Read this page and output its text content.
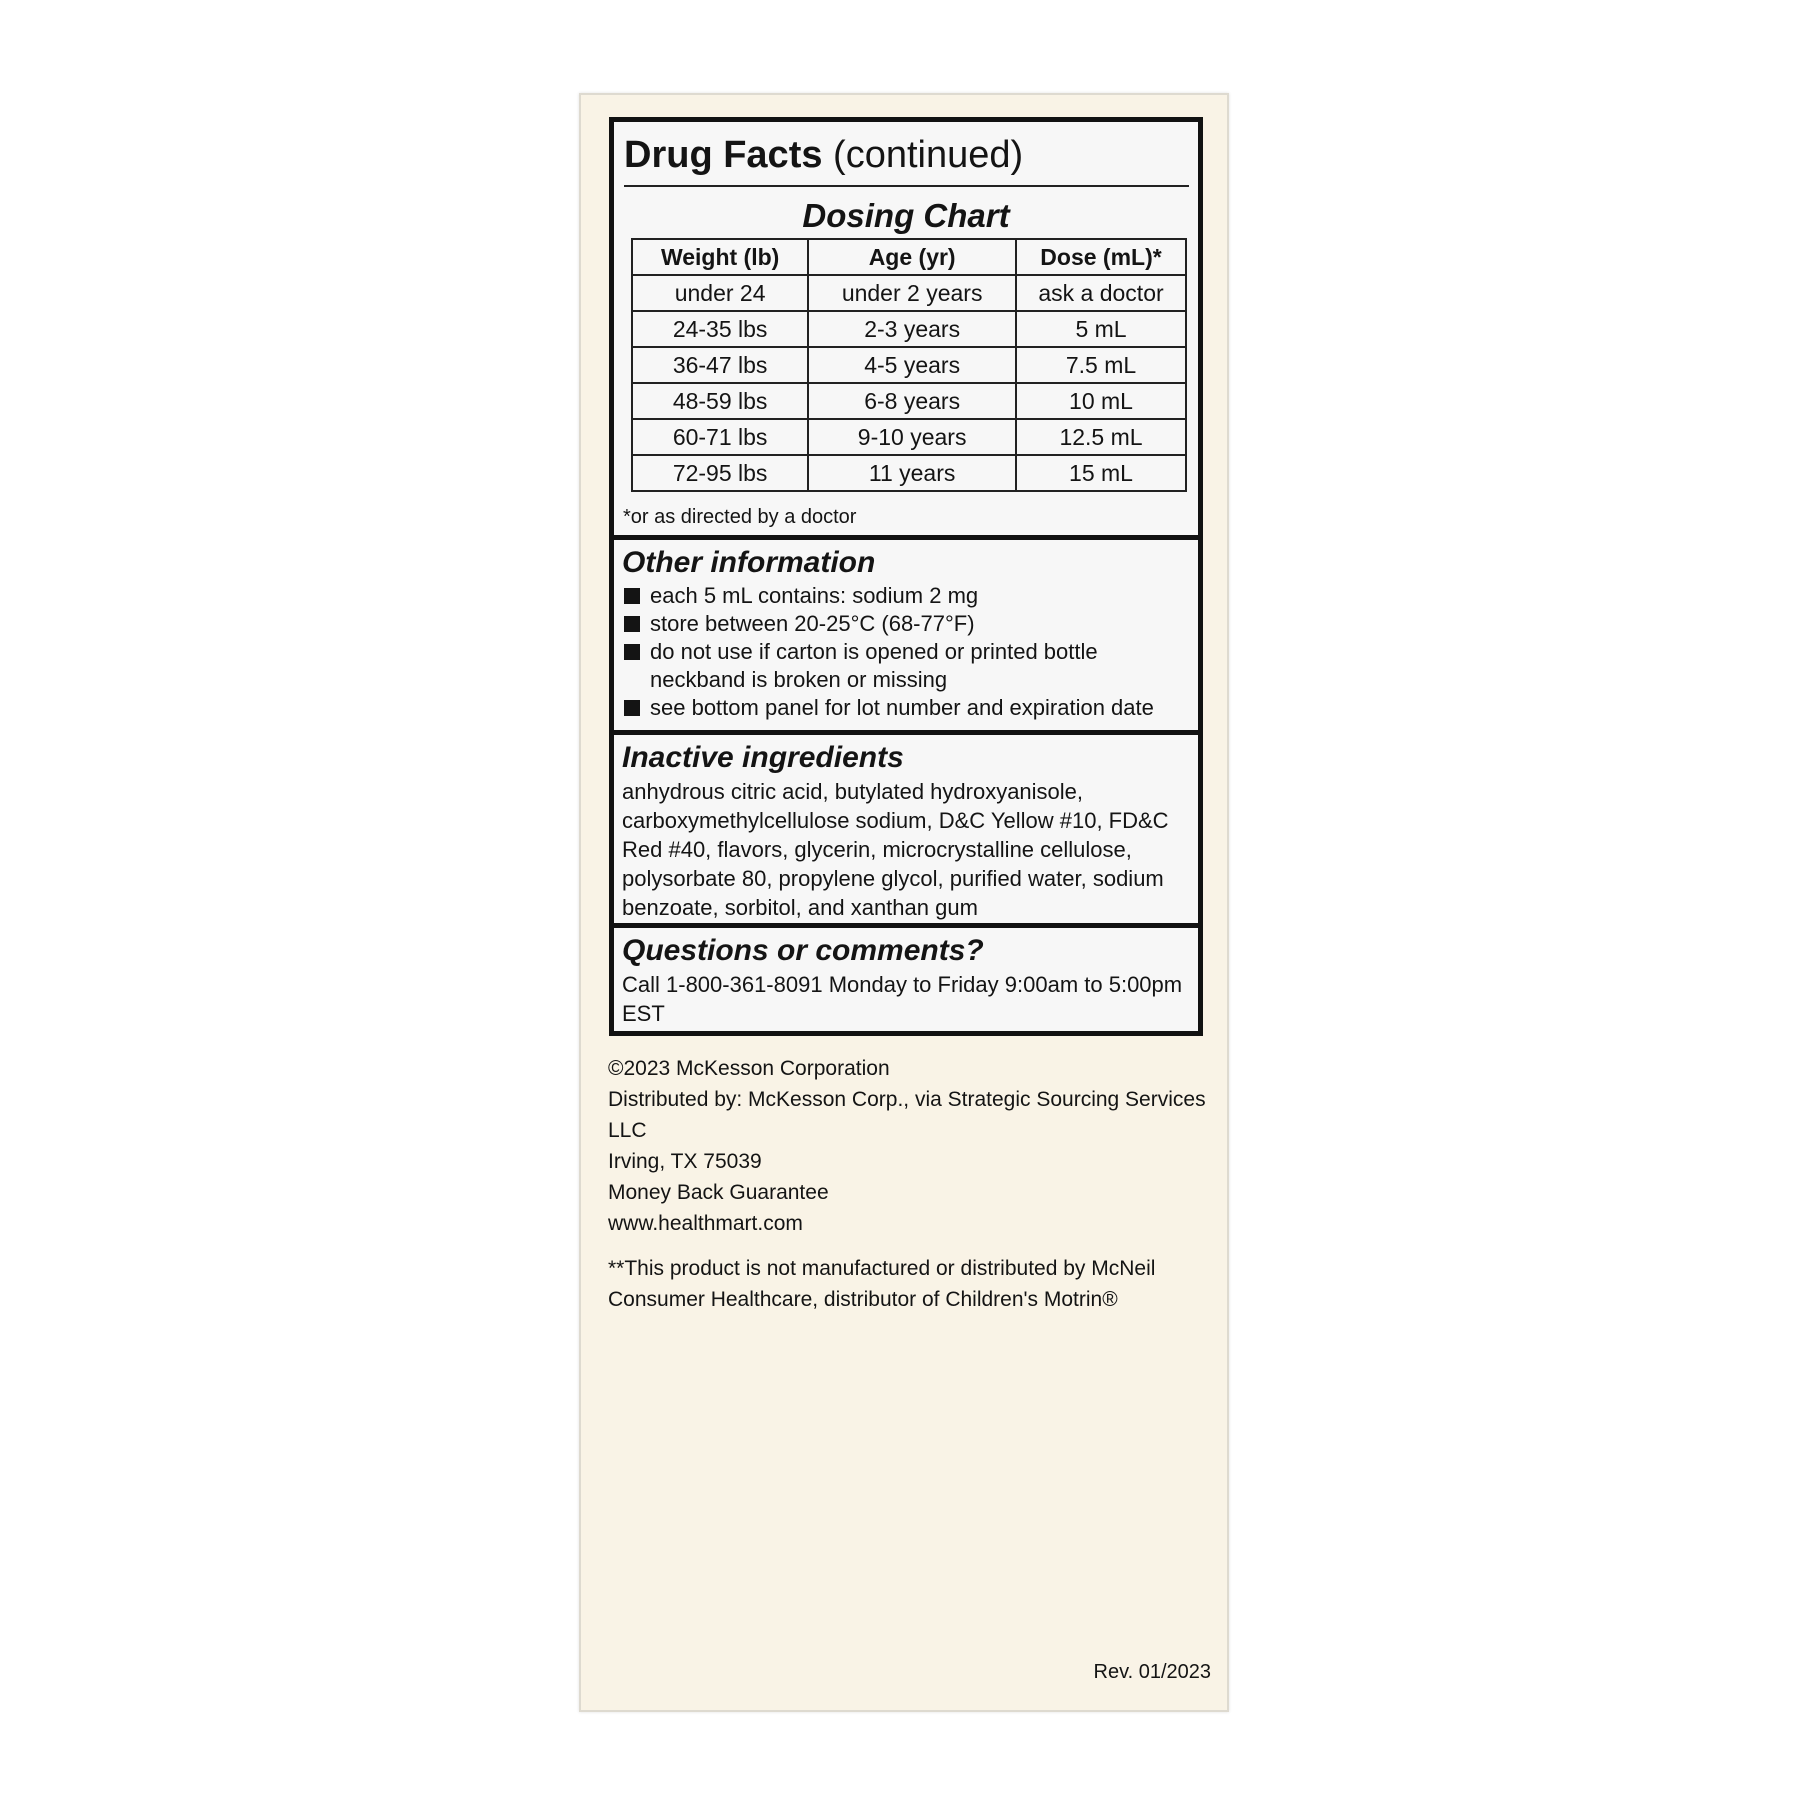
Drug Facts (continued)
Dosing Chart
Weight (lb)	Age (yr)	Dose (mL)*
under 24	under 2 years	ask a doctor
24-35 lbs	2-3 years	5 mL
36-47 lbs	4-5 years	7.5 mL
48-59 lbs	6-8 years	10 mL
60-71 lbs	9-10 years	12.5 mL
72-95 lbs	11 years	15 mL
*or as directed by a doctor

Other information

each 5 mL contains: sodium 2 mg
store between 20-25°C (68-77°F)
do not use if carton is opened or printed bottle neckband is broken or missing
see bottom panel for lot number and expiration date

Inactive ingredients

anhydrous citric acid, butylated hydroxyanisole, carboxymethylcellulose sodium, D&C Yellow #10, FD&C Red #40, flavors, glycerin, microcrystalline cellulose, polysorbate 80, propylene glycol, purified water, sodium benzoate, sorbitol, and xanthan gum

Questions or comments?

Call 1-800-361-8091 Monday to Friday 9:00am to 5:00pm EST

©2023 McKesson Corporation

Distributed by: McKesson Corp., via Strategic Sourcing Services LLC

Irving, TX 75039

Money Back Guarantee

www.healthmart.com

**This product is not manufactured or distributed by McNeil Consumer Healthcare, distributor of Children's Motrin®

Rev. 01/2023
